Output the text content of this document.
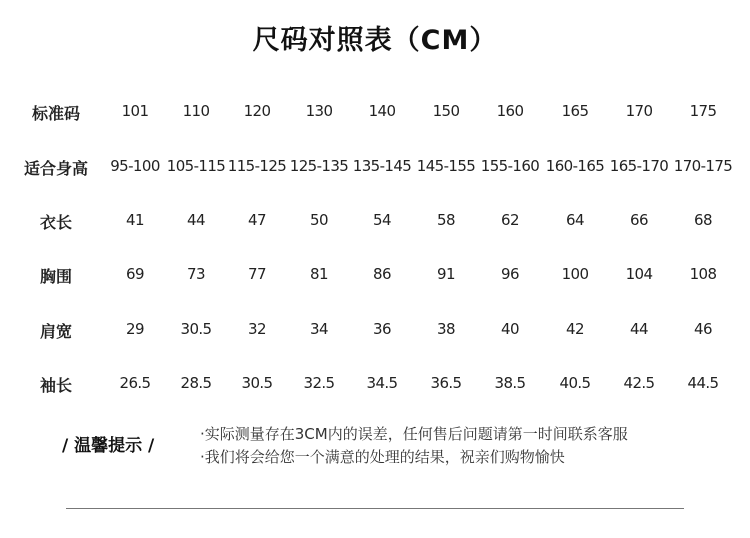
尺码对照表（CM）
标准码	101	110	120	130	140	150	160	165	170	175
适合身高	95-100 105-115 115-125 125-135 135-145 145-155 155-160 160-165 165-170 170-175
衣长	41	44	47	50	54	58	62	64	66	68
胸围	69	73	77	81	86	91	96	100	104	108
肩宽	29	30.5	32	34	36	38	40	42	44	46
袖长	26.5	28.5	30.5	32.5	34.5	36.5	38.5	40.5	42.5	44.5
/ 温馨提示 /
·实际测量存在3CM内的误差，任何售后问题请第一时间联系客服
·我们将会给您一个满意的处理的结果，祝亲们购物愉快
